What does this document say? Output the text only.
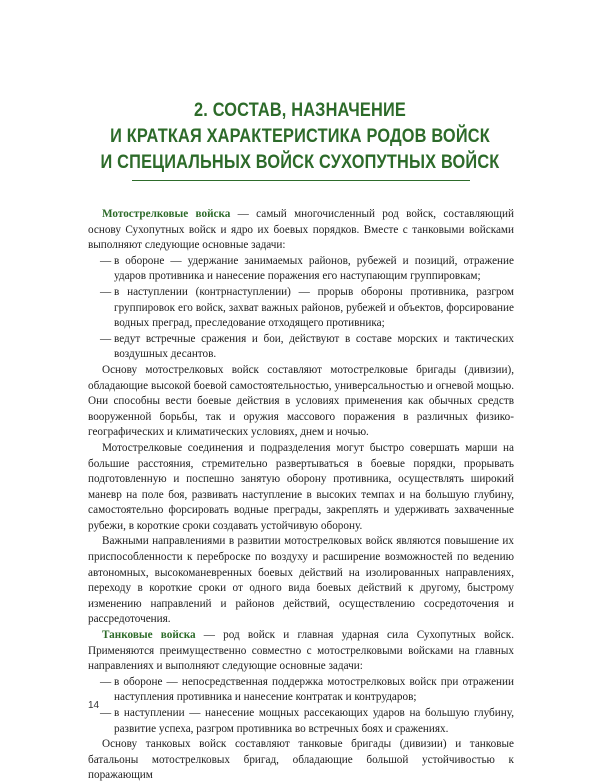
2. СОСТАВ, НАЗНАЧЕНИЕ
И КРАТКАЯ ХАРАКТЕРИСТИКА РОДОВ ВОЙСК
И СПЕЦИАЛЬНЫХ ВОЙСК СУХОПУТНЫХ ВОЙСК

Мотострелковые войска — самый многочисленный род войск, составляющий основу Сухопутных войск и ядро их боевых порядков. Вместе с танковыми войсками выполняют следующие основные задачи:

— в обороне — удержание занимаемых районов, рубежей и позиций, отражение ударов противника и нанесение поражения его наступающим группировкам;
— в наступлении (контрнаступлении) — прорыв обороны противника, разгром группировок его войск, захват важных районов, рубежей и объектов, форсирование водных преград, преследование отходящего противника;
— ведут встречные сражения и бои, действуют в составе морских и тактических воздушных десантов.

Основу мотострелковых войск составляют мотострелковые бригады (дивизии), обладающие высокой боевой самостоятельностью, универсальностью и огневой мощью. Они способны вести боевые действия в условиях применения как обычных средств вооруженной борьбы, так и оружия массового поражения в различных физико-географических и климатических условиях, днем и ночью.

Мотострелковые соединения и подразделения могут быстро совершать марши на большие расстояния, стремительно развертываться в боевые порядки, прорывать подготовленную и поспешно занятую оборону противника, осуществлять широкий маневр на поле боя, развивать наступление в высоких темпах и на большую глубину, самостоятельно форсировать водные преграды, закреплять и удерживать захваченные рубежи, в короткие сроки создавать устойчивую оборону.

Важными направлениями в развитии мотострелковых войск являются повышение их приспособленности к переброске по воздуху и расширение возможностей по ведению автономных, высокоманевренных боевых действий на изолированных направлениях, переходу в короткие сроки от одного вида боевых действий к другому, быстрому изменению направлений и районов действий, осуществлению сосредоточения и рассредоточения.

Танковые войска — род войск и главная ударная сила Сухопутных войск. Применяются преимущественно совместно с мотострелковыми войсками на главных направлениях и выполняют следующие основные задачи:

— в обороне — непосредственная поддержка мотострелковых войск при отражении наступления противника и нанесение контратак и контрударов;
— в наступлении — нанесение мощных рассекающих ударов на большую глубину, развитие успеха, разгром противника во встречных боях и сражениях.

Основу танковых войск составляют танковые бригады (дивизии) и танковые батальоны мотострелковых бригад, обладающие большой устойчивостью к поражающим

14
